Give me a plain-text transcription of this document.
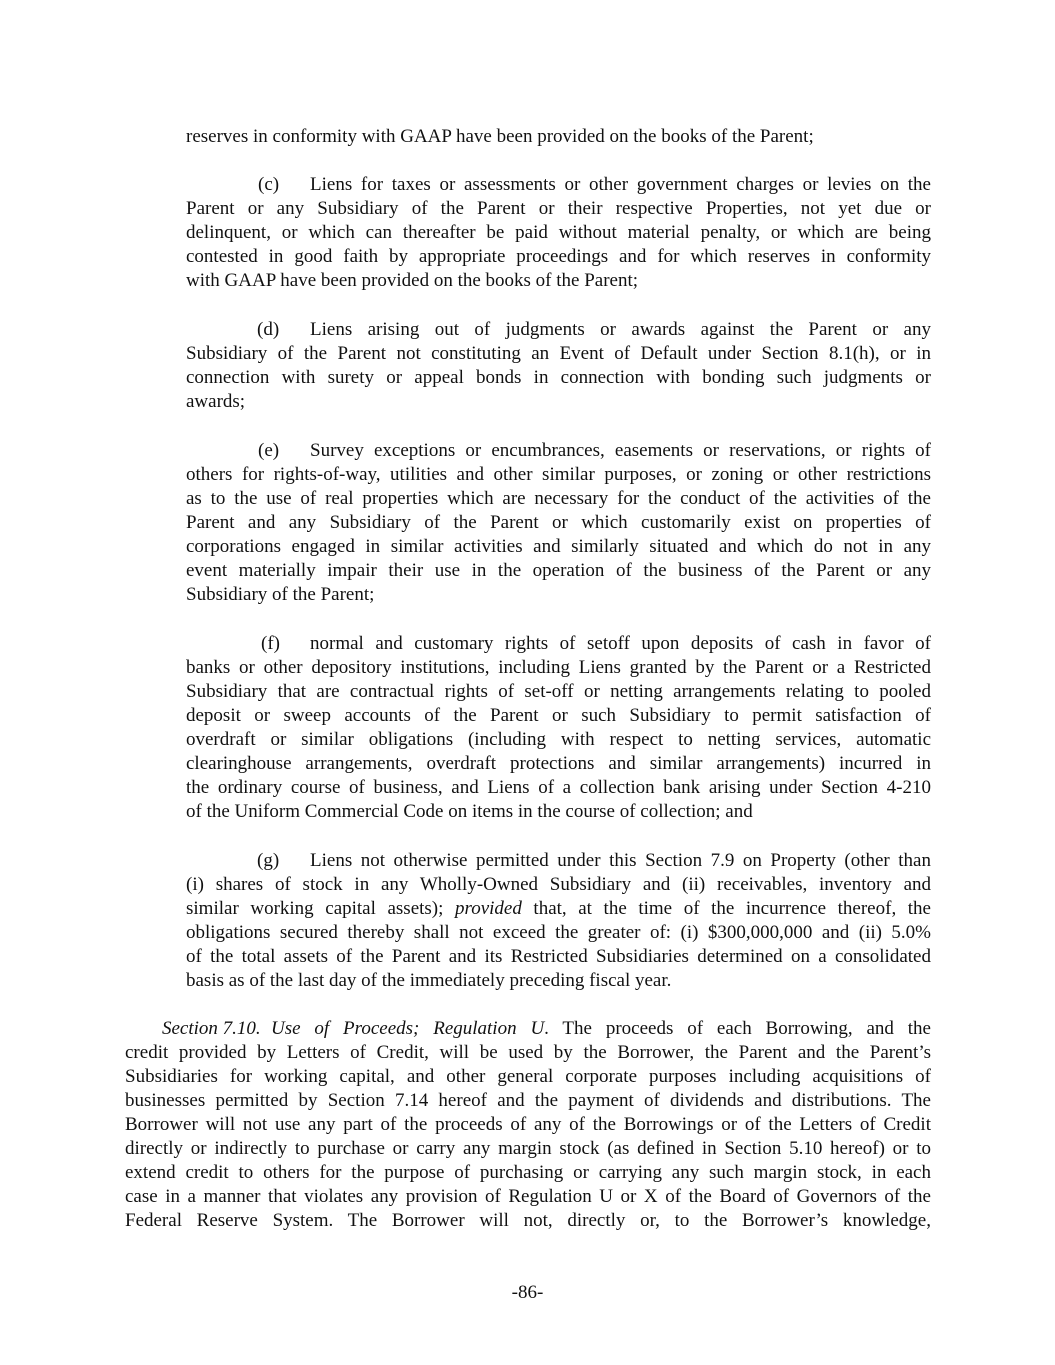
reserves in conformity with GAAP have been provided on the books of the Parent;
(c) Liens for taxes or assessments or other government charges or levies on the
Parent or any Subsidiary of the Parent or their respective Properties, not yet due or
delinquent, or which can thereafter be paid without material penalty, or which are being
contested in good faith by appropriate proceedings and for which reserves in conformity
with GAAP have been provided on the books of the Parent;
(d) Liens arising out of judgments or awards against the Parent or any
Subsidiary of the Parent not constituting an Event of Default under Section 8.1(h), or in
connection with surety or appeal bonds in connection with bonding such judgments or
awards;
(e) Survey exceptions or encumbrances, easements or reservations, or rights of
others for rights-of-way, utilities and other similar purposes, or zoning or other restrictions
as to the use of real properties which are necessary for the conduct of the activities of the
Parent and any Subsidiary of the Parent or which customarily exist on properties of
corporations engaged in similar activities and similarly situated and which do not in any
event materially impair their use in the operation of the business of the Parent or any
Subsidiary of the Parent;
(f) normal and customary rights of setoff upon deposits of cash in favor of
banks or other depository institutions, including Liens granted by the Parent or a Restricted
Subsidiary that are contractual rights of set-off or netting arrangements relating to pooled
deposit or sweep accounts of the Parent or such Subsidiary to permit satisfaction of
overdraft or similar obligations (including with respect to netting services, automatic
clearinghouse arrangements, overdraft protections and similar arrangements) incurred in
the ordinary course of business, and Liens of a collection bank arising under Section 4-210
of the Uniform Commercial Code on items in the course of collection; and
(g) Liens not otherwise permitted under this Section 7.9 on Property (other than
(i) shares of stock in any Wholly-Owned Subsidiary and (ii) receivables, inventory and
similar working capital assets); provided that, at the time of the incurrence thereof, the
obligations secured thereby shall not exceed the greater of: (i) $300,000,000 and (ii) 5.0%
of the total assets of the Parent and its Restricted Subsidiaries determined on a consolidated
basis as of the last day of the immediately preceding fiscal year.
Section 7.10. Use of Proceeds; Regulation U. The proceeds of each Borrowing, and the
credit provided by Letters of Credit, will be used by the Borrower, the Parent and the Parent’s
Subsidiaries for working capital, and other general corporate purposes including acquisitions of
businesses permitted by Section 7.14 hereof and the payment of dividends and distributions. The
Borrower will not use any part of the proceeds of any of the Borrowings or of the Letters of Credit
directly or indirectly to purchase or carry any margin stock (as defined in Section 5.10 hereof) or to
extend credit to others for the purpose of purchasing or carrying any such margin stock, in each
case in a manner that violates any provision of Regulation U or X of the Board of Governors of the
Federal Reserve System. The Borrower will not, directly or, to the Borrower’s knowledge,
-86-
